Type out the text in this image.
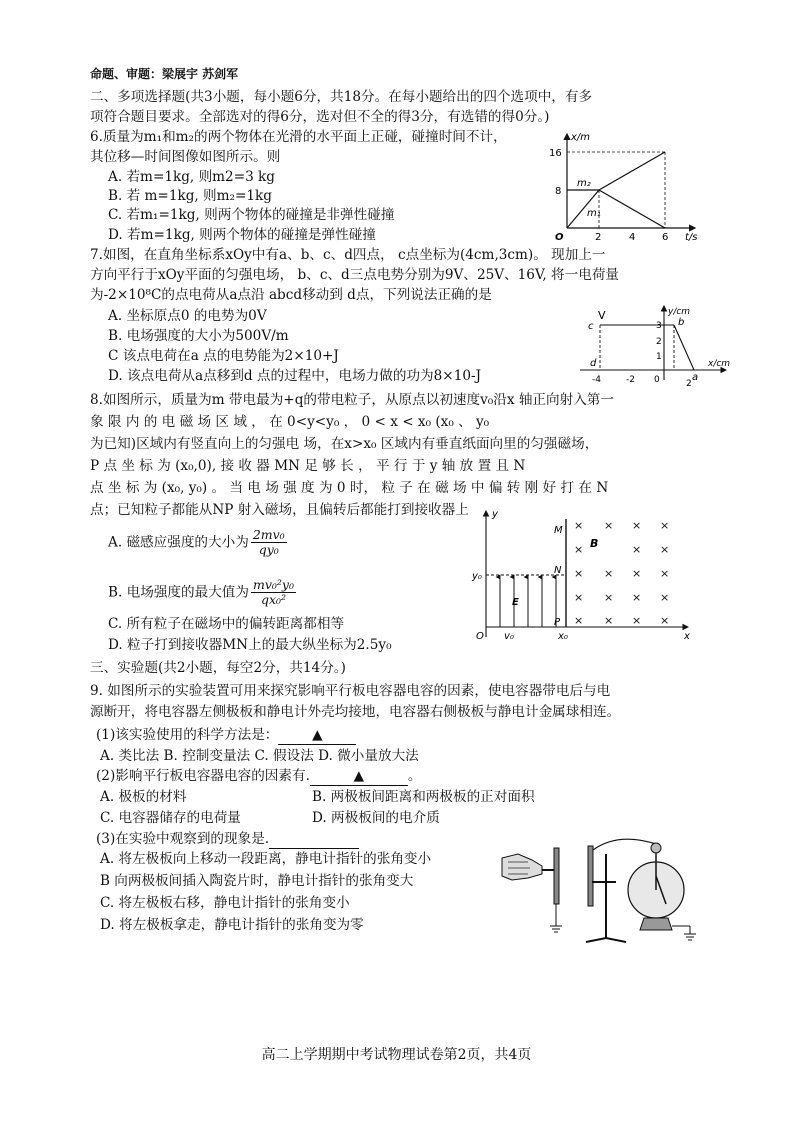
命题、审题：梁展宇 苏剑军
二、多项选择题(共3小题，每小题6分，共18分。在每小题给出的四个选项中，有多
项符合题目要求。全部选对的得6分，选对但不全的得3分，有选错的得0分。)
6.质量为m₁和m₂的两个物体在光滑的水平面上正碰，碰撞时间不计，
其位移—时间图像如图所示。则
A. 若m=1kg, 则m2=3 kg
B. 若 m=1kg, 则m₂=1kg
C. 若m₁=1kg, 则两个物体的碰撞是非弹性碰撞
D. 若m=1kg, 则两个物体的碰撞是弹性碰撞
x/m
t/s
16
8
O	2	4	6
m₂
m₁
7.如图，在直角坐标系xOy中有a、b、c、d四点， c点坐标为(4cm,3cm)。 现加上一
方向平行于xOy平面的匀强电场， b、c、d三点电势分别为9V、25V、16V, 将一电荷量
为-2×10⁸C的点电荷从a点沿 abcd移动到 d点，下列说法正确的是
A. 坐标原点0 的电势为0V
B. 电场强度的大小为500V/m
C 该点电荷在a 点的电势能为2×10+J
D. 该点电荷从a点移到d 点的过程中，电场力做的功为8×10-J
c
V
b
d
a
y/cm
x/cm
3
2
1
-4	-2 0	2
8.如图所示，质量为m 带电最为+q的带电粒子，从原点以初速度v₀沿x 轴正向射入第一
象 限 内 的 电 磁 场 区 域 ， 在 0<y<y₀ ， 0 < x < x₀ (x₀ 、 y₀
为已知)区域内有竖直向上的匀强电 场，在x>x₀ 区域内有垂直纸面向里的匀强磁场，
P 点 坐 标 为 (x₀,0), 接 收 器 MN 足 够 长 ， 平 行 于 y 轴 放 置 且 N
点 坐 标 为 (x₀, y₀) 。 当 电 场 强 度 为 0 时， 粒 子 在 磁 场 中 偏 转 刚 好 打 在 N
点；已知粒子都能从NP 射入磁场，且偏转后都能打到接收器上
A. 磁感应强度的大小为 $\frac{\text{2mv₀}}{\text{qy₀}}$
B. 电场强度的最大值为 $\frac{\text{mv₀²y₀}}{\text{qx₀²}}$
C. 所有粒子在磁场中的偏转距离都相等
D. 粒子打到接收器MN上的最大纵坐标为2.5y₀
× × × ×
×	× ×
× × × ×
× × × ×
× × × ×
y
x
M
N
P
B
E
y₀
x₀
v₀
O
三、实验题(共2小题，每空2分，共14分。)
9. 如图所示的实验装置可用来探究影响平行板电容器电容的因素，使电容器带电后与电
源断开，将电容器左侧极板和静电计外壳均接地，电容器右侧极板与静电计金属球相连。
(1)该实验使用的科学方法是： ▲
A. 类比法 B. 控制变量法 C. 假设法 D. 微小量放大法
(2)影响平行板电容器电容的因素有.	▲	。
A. 极板的材料	B. 两极板间距离和两极板的正对面积
C. 电容器储存的电荷量	D. 两极板间的电介质
(3)在实验中观察到的现象是.
A. 将左极板向上移动一段距离，静电计指针的张角变小
B 向两极板间插入陶瓷片时，静电计指针的张角变大
C. 将左极板右移，静电计指针的张角变小
D. 将左极板拿走，静电计指针的张角变为零
高二上学期期中考试物理试卷第2页，共4页
